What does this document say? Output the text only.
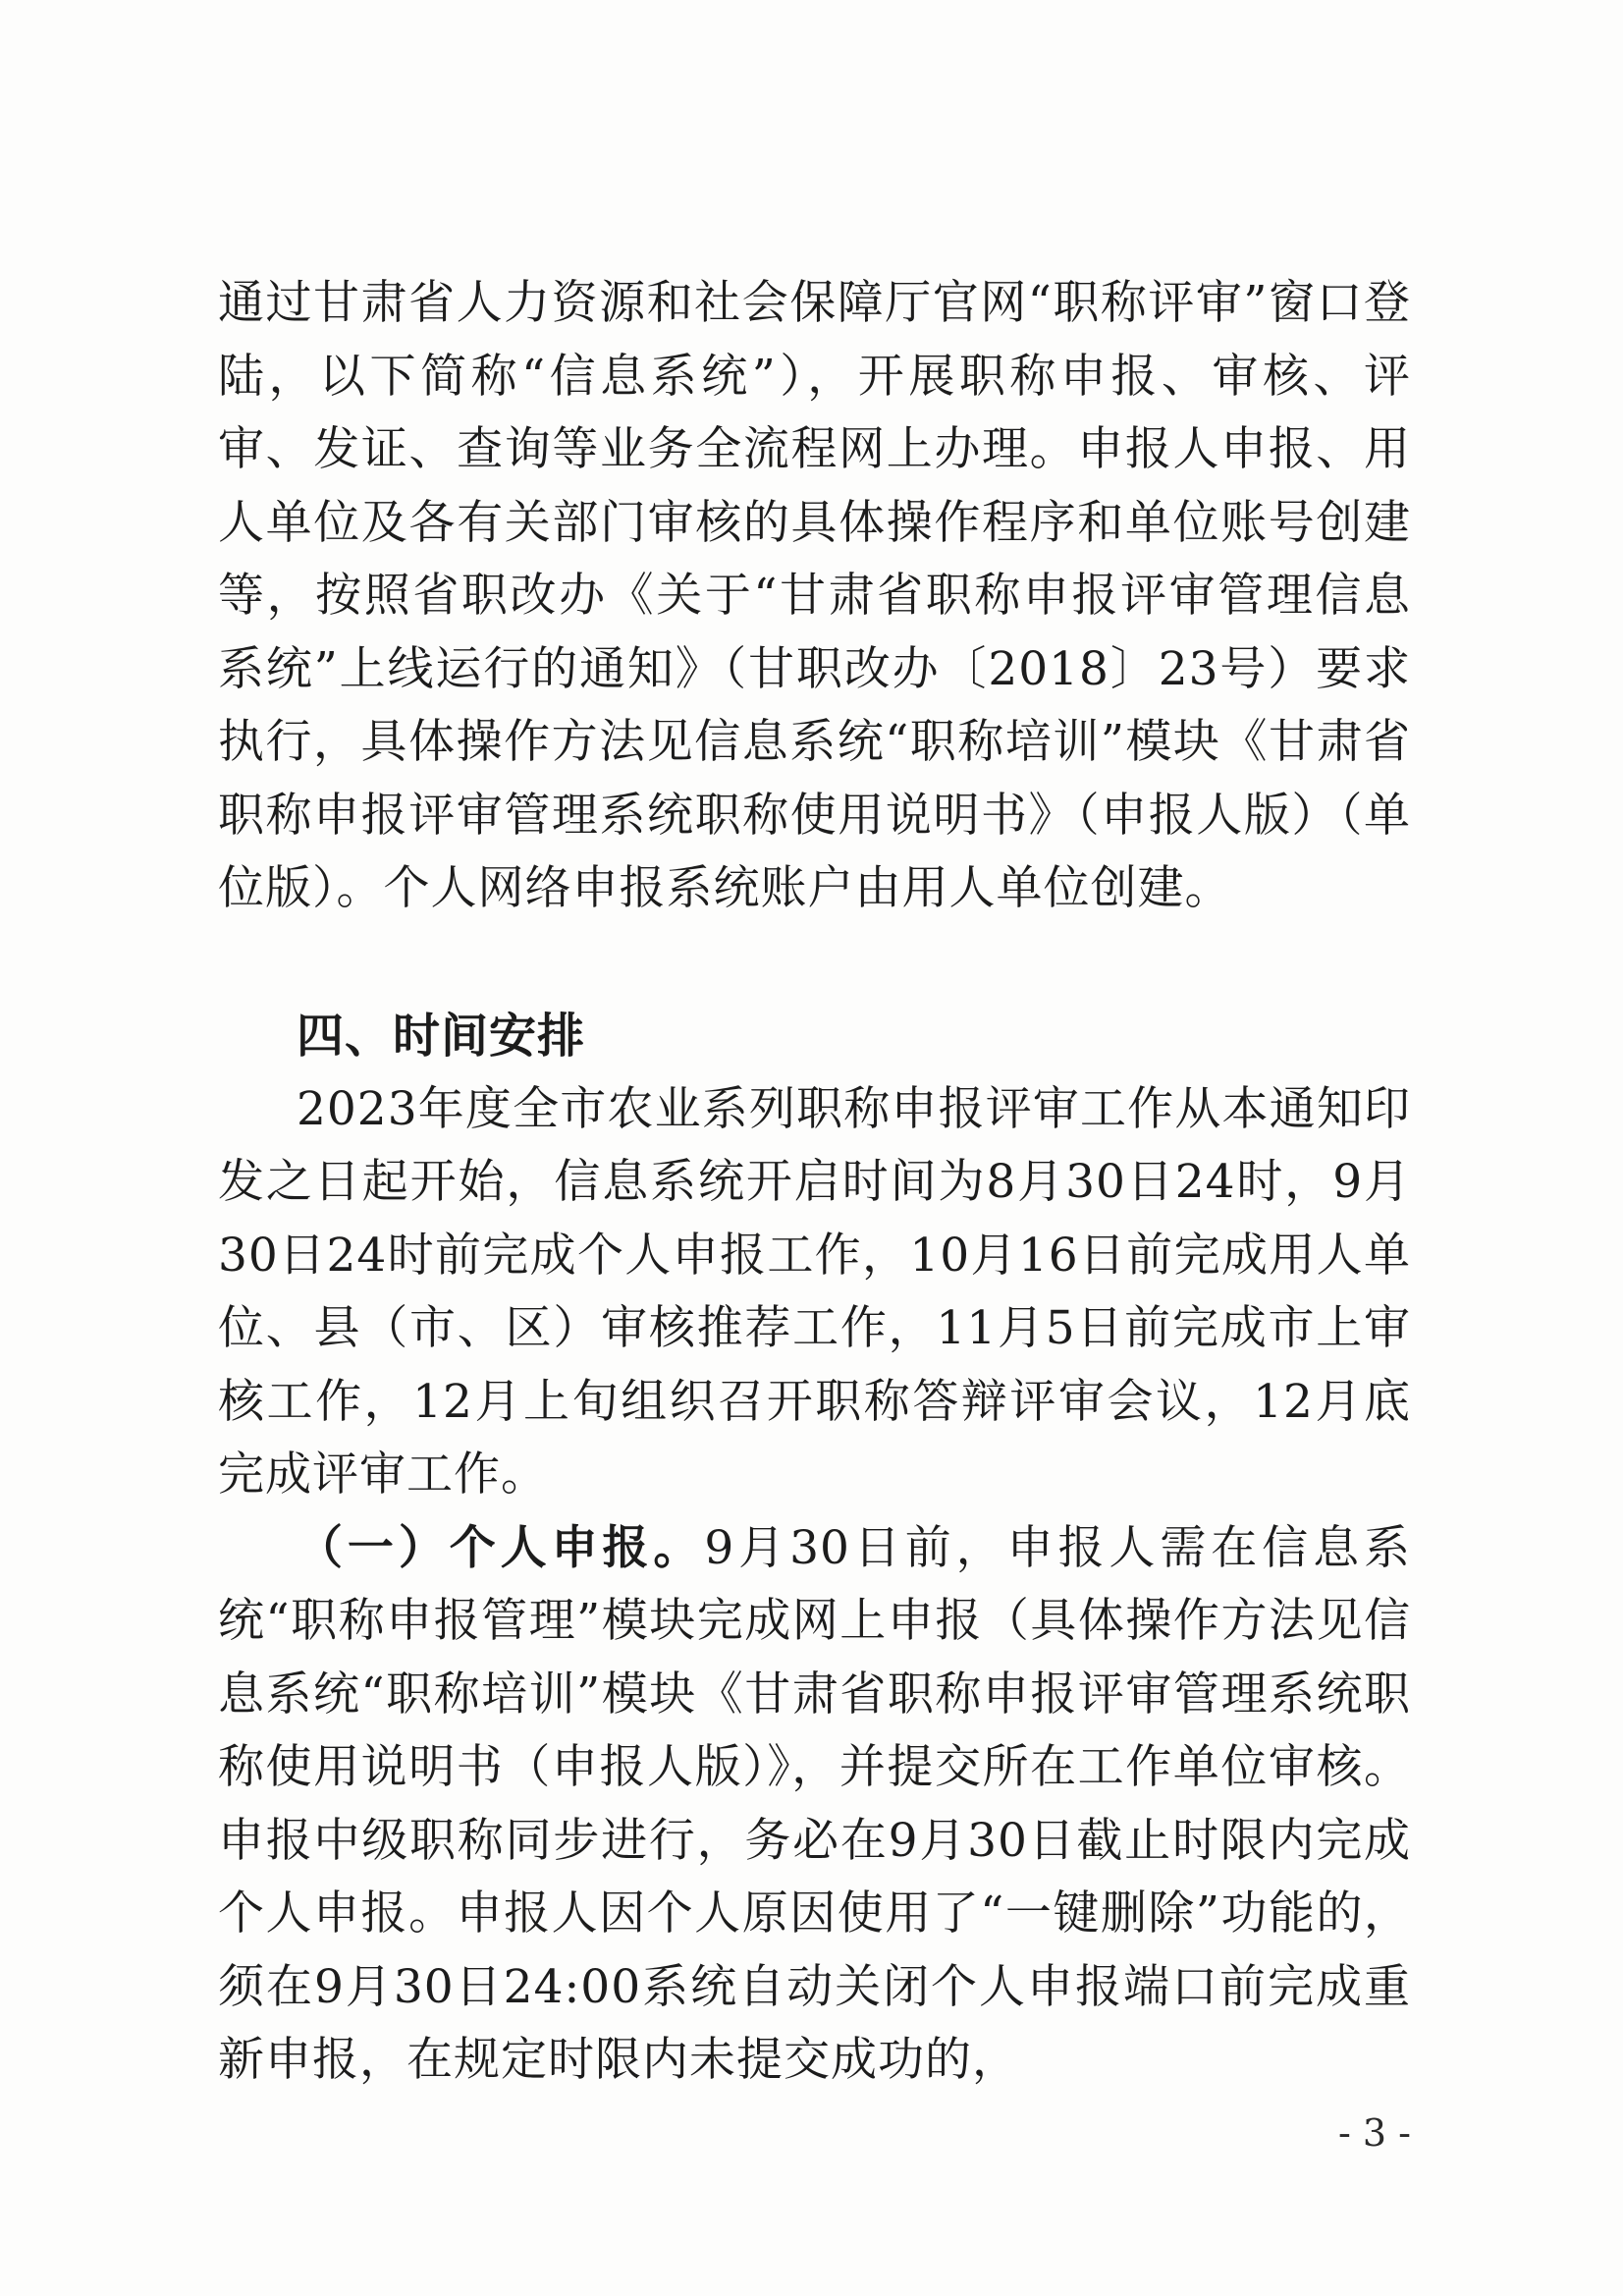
通过甘肃省人力资源和社会保障厅官网“职称评审”窗口登陆，以下简称“信息系统”），开展职称申报、审核、评审、发证、查询等业务全流程网上办理。申报人申报、用人单位及各有关部门审核的具体操作程序和单位账号创建等，按照省职改办《关于“甘肃省职称申报评审管理信息系统”上线运行的通知》（甘职改办〔2018〕23号）要求执行，具体操作方法见信息系统“职称培训”模块《甘肃省职称申报评审管理系统职称使用说明书》（申报人版）（单位版）。个人网络申报系统账户由用人单位创建。

四、时间安排

2023年度全市农业系列职称申报评审工作从本通知印发之日起开始，信息系统开启时间为8月30日24时，9月30日24时前完成个人申报工作，10月16日前完成用人单位、县（市、区）审核推荐工作，11月5日前完成市上审核工作，12月上旬组织召开职称答辩评审会议，12月底完成评审工作。

（一）个人申报。9月30日前，申报人需在信息系统“职称申报管理”模块完成网上申报（具体操作方法见信息系统“职称培训”模块《甘肃省职称申报评审管理系统职称使用说明书（申报人版）》，并提交所在工作单位审核。申报中级职称同步进行，务必在9月30日截止时限内完成个人申报。申报人因个人原因使用了“一键删除”功能的，须在9月30日24:00系统自动关闭个人申报端口前完成重新申报，在规定时限内未提交成功的，

- 3 -
